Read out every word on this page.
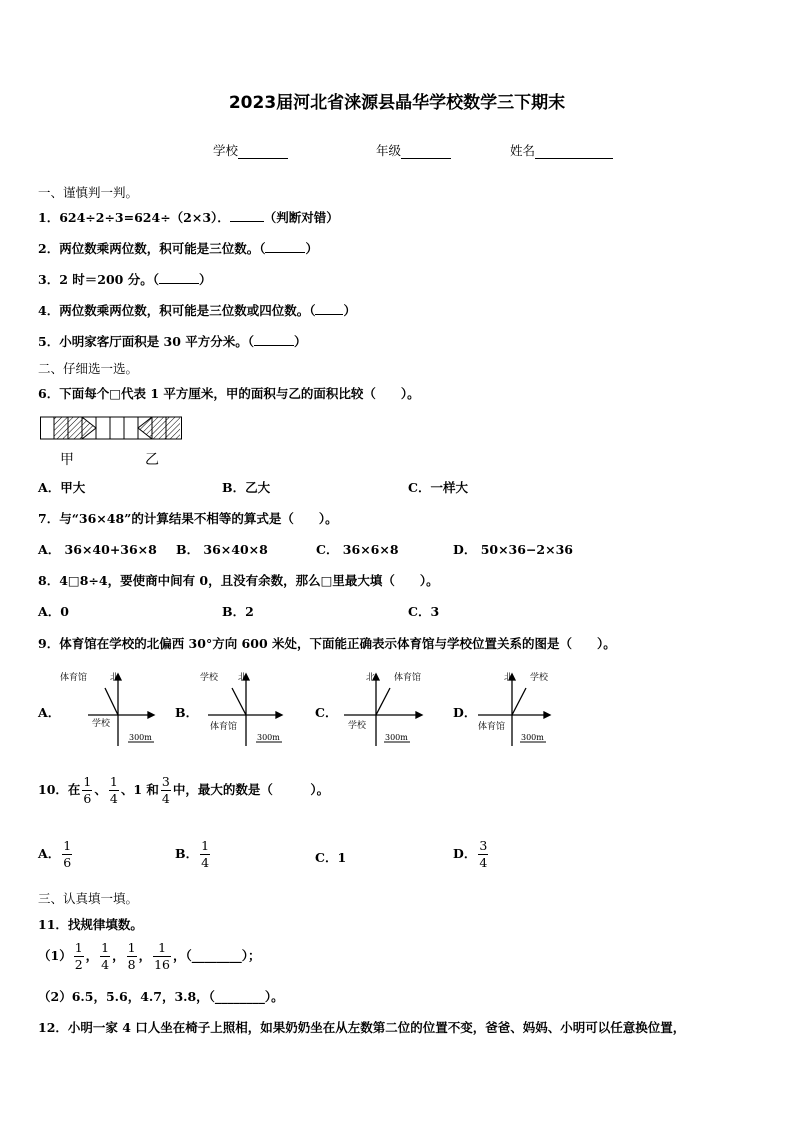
2023届河北省涞源县晶华学校数学三下期末
学校	年级	姓名
一、谨慎判一判。
1．624÷2÷3=624÷（2×3）．	（判断对错）
2．两位数乘两位数，积可能是三位数。（	）
3．2 时＝200 分。（	）
4．两位数乘两位数，积可能是三位数或四位数。（ ）
5．小明家客厅面积是 30 平方分米。（	）
二、仔细选一选。
6．下面每个□代表 1 平方厘米，甲的面积与乙的面积比较（　　）。
甲	乙
A．甲大	B．乙大	C．一样大
7．与“36×48”的计算结果不相等的算式是（　　）。
A． 36×40+36×8 B． 36×40×8	C． 36×6×8	D． 50×36−2×36
8．4□8÷4，要使商中间有 0，且没有余数，那么□里最大填（　　）。
A．0	B．2	C．3
9．体育馆在学校的北偏西 30°方向 600 米处，下面能正确表示体育馆与学校位置关系的图是（　　）。
A．
体育馆	北
学校
300m
B．
学校 北
体育馆
300m
C．
北 体育馆
学校
300m
D．
北 学校
体育馆
300m
10．在 $\frac{1}{6}$ 、 $\frac{1}{4}$ 、1 和 $\frac{3}{4}$ 中，最大的数是（　　　）。
A． $\frac{1}{6}$	B． $\frac{1}{4}$	C．1	D． $\frac{3}{4}$
三、认真填一填。
11．找规律填数。
$(1) \frac{1}{2}$ ， $\frac{1}{4}$ ， $\frac{1}{8}$ ， $\frac{1}{16}$ ，（________）；
（2）6.5，5.6，4.7，3.8，（________）。
12．小明一家 4 口人坐在椅子上照相，如果奶奶坐在从左数第二位的位置不变，爸爸、妈妈、小明可以任意换位置，
